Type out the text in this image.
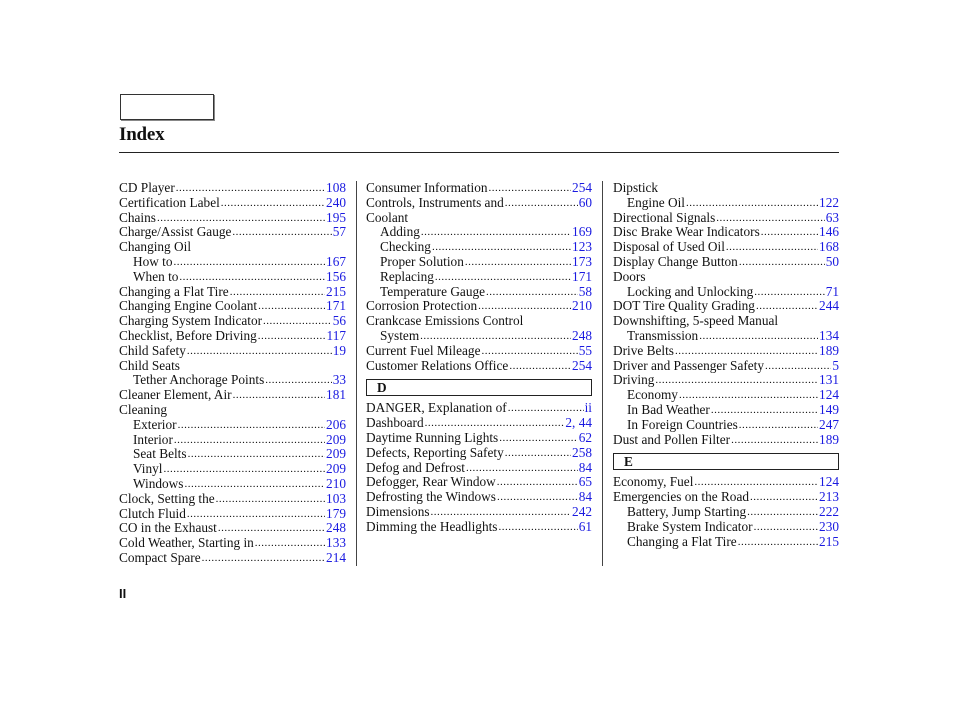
Index
CD Player .....	108
Certification Label .....	240
Chains .....	195
Charge/Assist Gauge .....	57
Changing Oil
How to .....	167
When to .....	156
Changing a Flat Tire .....	215
Changing Engine Coolant .....	171
Charging System Indicator .....	56
Checklist, Before Driving .....	117
Child Safety .....	19
Child Seats
Tether Anchorage Points .....	33
Cleaner Element, Air .....	181
Cleaning
Exterior .....	206
Interior .....	209
Seat Belts .....	209
Vinyl .....	209
Windows .....	210
Clock, Setting the .....	103
Clutch Fluid .....	179
CO in the Exhaust .....	248
Cold Weather, Starting in .....	133
Compact Spare .....	214
Consumer Information .....	254
Controls, Instruments and .....	60
Coolant
Adding .....	169
Checking .....	123
Proper Solution .....	173
Replacing .....	171
Temperature Gauge .....	58
Corrosion Protection .....	210
Crankcase Emissions Control
System .....	248
Current Fuel Mileage .....	55
Customer Relations Office .....	254
D
DANGER, Explanation of .....	ii
Dashboard .....	2, 44
Daytime Running Lights .....	62
Defects, Reporting Safety .....	258
Defog and Defrost .....	84
Defogger, Rear Window .....	65
Defrosting the Windows .....	84
Dimensions .....	242
Dimming the Headlights .....	61
Dipstick
Engine Oil .....	122
Directional Signals .....	63
Disc Brake Wear Indicators .....	146
Disposal of Used Oil .....	168
Display Change Button .....	50
Doors
Locking and Unlocking .....	71
DOT Tire Quality Grading .....	244
Downshifting, 5-speed Manual
Transmission .....	134
Drive Belts .....	189
Driver and Passenger Safety .....	5
Driving .....	131
Economy .....	124
In Bad Weather .....	149
In Foreign Countries .....	247
Dust and Pollen Filter .....	189
E
Economy, Fuel .....	124
Emergencies on the Road .....	213
Battery, Jump Starting .....	222
Brake System Indicator .....	230
Changing a Flat Tire .....	215
II
